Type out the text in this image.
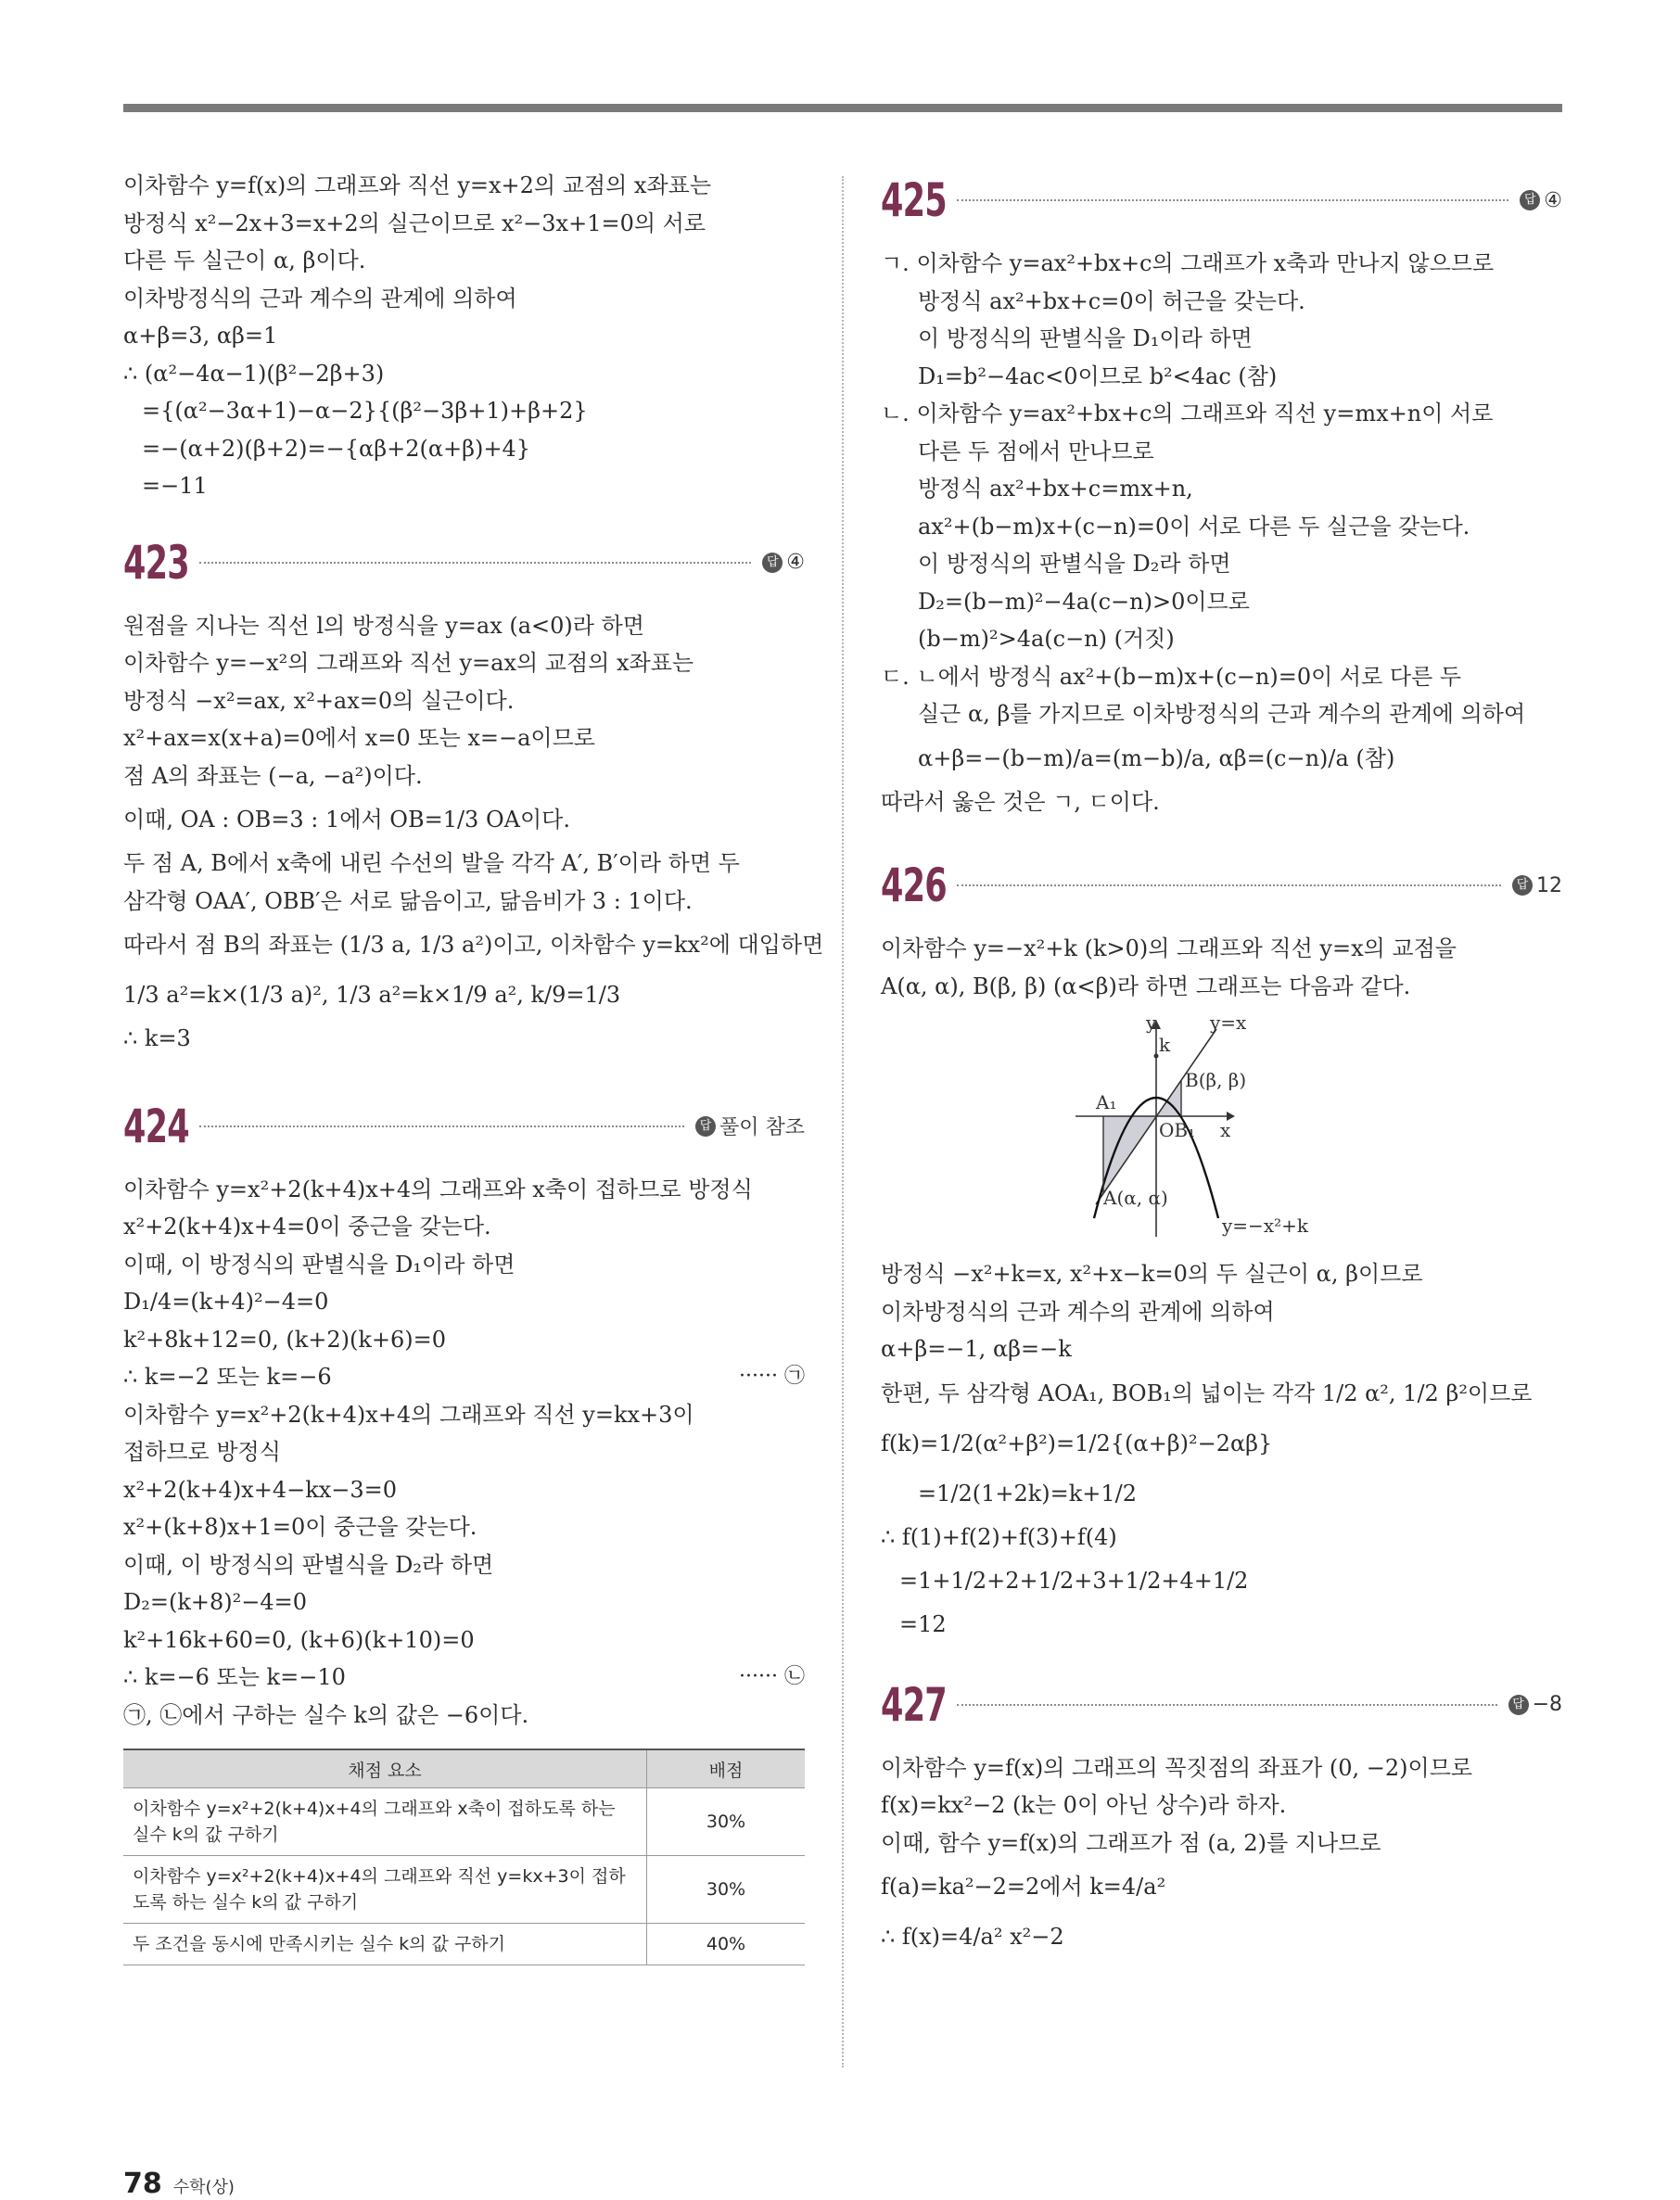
이차함수 y=f(x)의 그래프와 직선 y=x+2의 교점의 x좌표는
방정식 x²−2x+3=x+2의 실근이므로 x²−3x+1=0의 서로
다른 두 실근이 α, β이다.
이차방정식의 근과 계수의 관계에 의하여
α+β=3, αβ=1
∴ (α²−4α−1)(β²−2β+3)
={(α²−3α+1)−α−2}{(β²−3β+1)+β+2}
=−(α+2)(β+2)=−{αβ+2(α+β)+4}
=−11
423	답 ④
원점을 지나는 직선 l의 방정식을 y=ax (a<0)라 하면
이차함수 y=−x²의 그래프와 직선 y=ax의 교점의 x좌표는
방정식 −x²=ax, x²+ax=0의 실근이다.
x²+ax=x(x+a)=0에서 x=0 또는 x=−a이므로
점 A의 좌표는 (−a, −a²)이다.
이때, OA : OB=3 : 1에서 OB=1/3 OA이다.
두 점 A, B에서 x축에 내린 수선의 발을 각각 A′, B′이라 하면 두
삼각형 OAA′, OBB′은 서로 닮음이고, 닮음비가 3 : 1이다.
따라서 점 B의 좌표는 (1/3 a, 1/3 a²)이고, 이차함수 y=kx²에 대입하면
1/3 a²=k×(1/3 a)², 1/3 a²=k×1/9 a², k/9=1/3
∴ k=3
424	답 풀이 참조
이차함수 y=x²+2(k+4)x+4의 그래프와 x축이 접하므로 방정식
x²+2(k+4)x+4=0이 중근을 갖는다.
이때, 이 방정식의 판별식을 D₁이라 하면
D₁/4=(k+4)²−4=0
k²+8k+12=0, (k+2)(k+6)=0
∴ k=−2 또는 k=−6	······ ㉠
이차함수 y=x²+2(k+4)x+4의 그래프와 직선 y=kx+3이
접하므로 방정식
x²+2(k+4)x+4−kx−3=0
x²+(k+8)x+1=0이 중근을 갖는다.
이때, 이 방정식의 판별식을 D₂라 하면
D₂=(k+8)²−4=0
k²+16k+60=0, (k+6)(k+10)=0
∴ k=−6 또는 k=−10	······ ㉡
㉠, ㉡에서 구하는 실수 k의 값은 −6이다.
채점 요소	배점
이차함수 y=x²+2(k+4)x+4의 그래프와 x축이 접하도록 하는 실수 k의 값 구하기	30%
이차함수 y=x²+2(k+4)x+4의 그래프와 직선 y=kx+3이 접하도록 하는 실수 k의 값 구하기	30%
두 조건을 동시에 만족시키는 실수 k의 값 구하기	40%
425	답 ④
ㄱ. 이차함수 y=ax²+bx+c의 그래프가 x축과 만나지 않으므로
방정식 ax²+bx+c=0이 허근을 갖는다.
이 방정식의 판별식을 D₁이라 하면
D₁=b²−4ac<0이므로 b²<4ac (참)
ㄴ. 이차함수 y=ax²+bx+c의 그래프와 직선 y=mx+n이 서로
다른 두 점에서 만나므로
방정식 ax²+bx+c=mx+n,
ax²+(b−m)x+(c−n)=0이 서로 다른 두 실근을 갖는다.
이 방정식의 판별식을 D₂라 하면
D₂=(b−m)²−4a(c−n)>0이므로
(b−m)²>4a(c−n) (거짓)
ㄷ. ㄴ에서 방정식 ax²+(b−m)x+(c−n)=0이 서로 다른 두
실근 α, β를 가지므로 이차방정식의 근과 계수의 관계에 의하여
α+β=−(b−m)/a=(m−b)/a, αβ=(c−n)/a (참)
따라서 옳은 것은 ㄱ, ㄷ이다.
426	답 12
이차함수 y=−x²+k (k>0)의 그래프와 직선 y=x의 교점을
A(α, α), B(β, β) (α<β)라 하면 그래프는 다음과 같다.
y
x
y=x
k
B(β, β)
A₁
OB₁
A(α, α)
y=−x²+k
방정식 −x²+k=x, x²+x−k=0의 두 실근이 α, β이므로
이차방정식의 근과 계수의 관계에 의하여
α+β=−1, αβ=−k
한편, 두 삼각형 AOA₁, BOB₁의 넓이는 각각 1/2 α², 1/2 β²이므로
f(k)=1/2(α²+β²)=1/2{(α+β)²−2αβ}
=1/2(1+2k)=k+1/2
∴ f(1)+f(2)+f(3)+f(4)
=1+1/2+2+1/2+3+1/2+4+1/2
=12
427	답 −8
이차함수 y=f(x)의 그래프의 꼭짓점의 좌표가 (0, −2)이므로
f(x)=kx²−2 (k는 0이 아닌 상수)라 하자.
이때, 함수 y=f(x)의 그래프가 점 (a, 2)를 지나므로
f(a)=ka²−2=2에서 k=4/a²
∴ f(x)=4/a² x²−2
78 수학(상)
